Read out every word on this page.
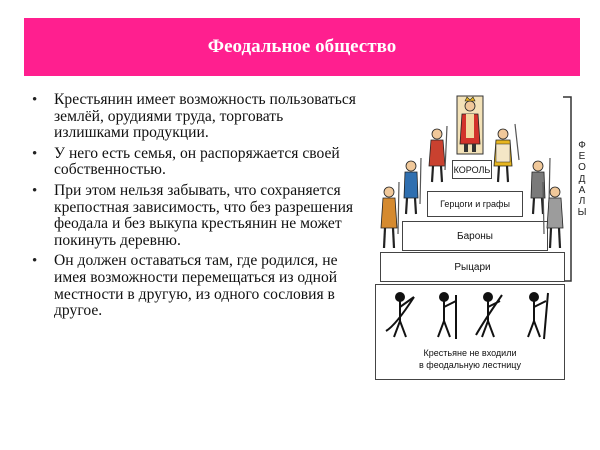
Феодальное общество
• Крестьянин имеет возможность пользоваться землёй, орудиями труда, торговать излишками продукции.
• У него есть семья, он распоряжается своей собственностью.
• При этом нельзя забывать, что сохраняется крепостная зависимость, что без разрешения феодала и без выкупа крестьянин не может покинуть деревню.
• Он должен оставаться там, где родился, не имея возможности перемещаться из одной местности в другую, из одного сословия в другое.
КОРОЛЬ
Герцоги и графы
Бароны
Рыцари
Крестьяне не входили
в феодальную лестницу
Ф
Е
О
Д
А
Л
Ы
